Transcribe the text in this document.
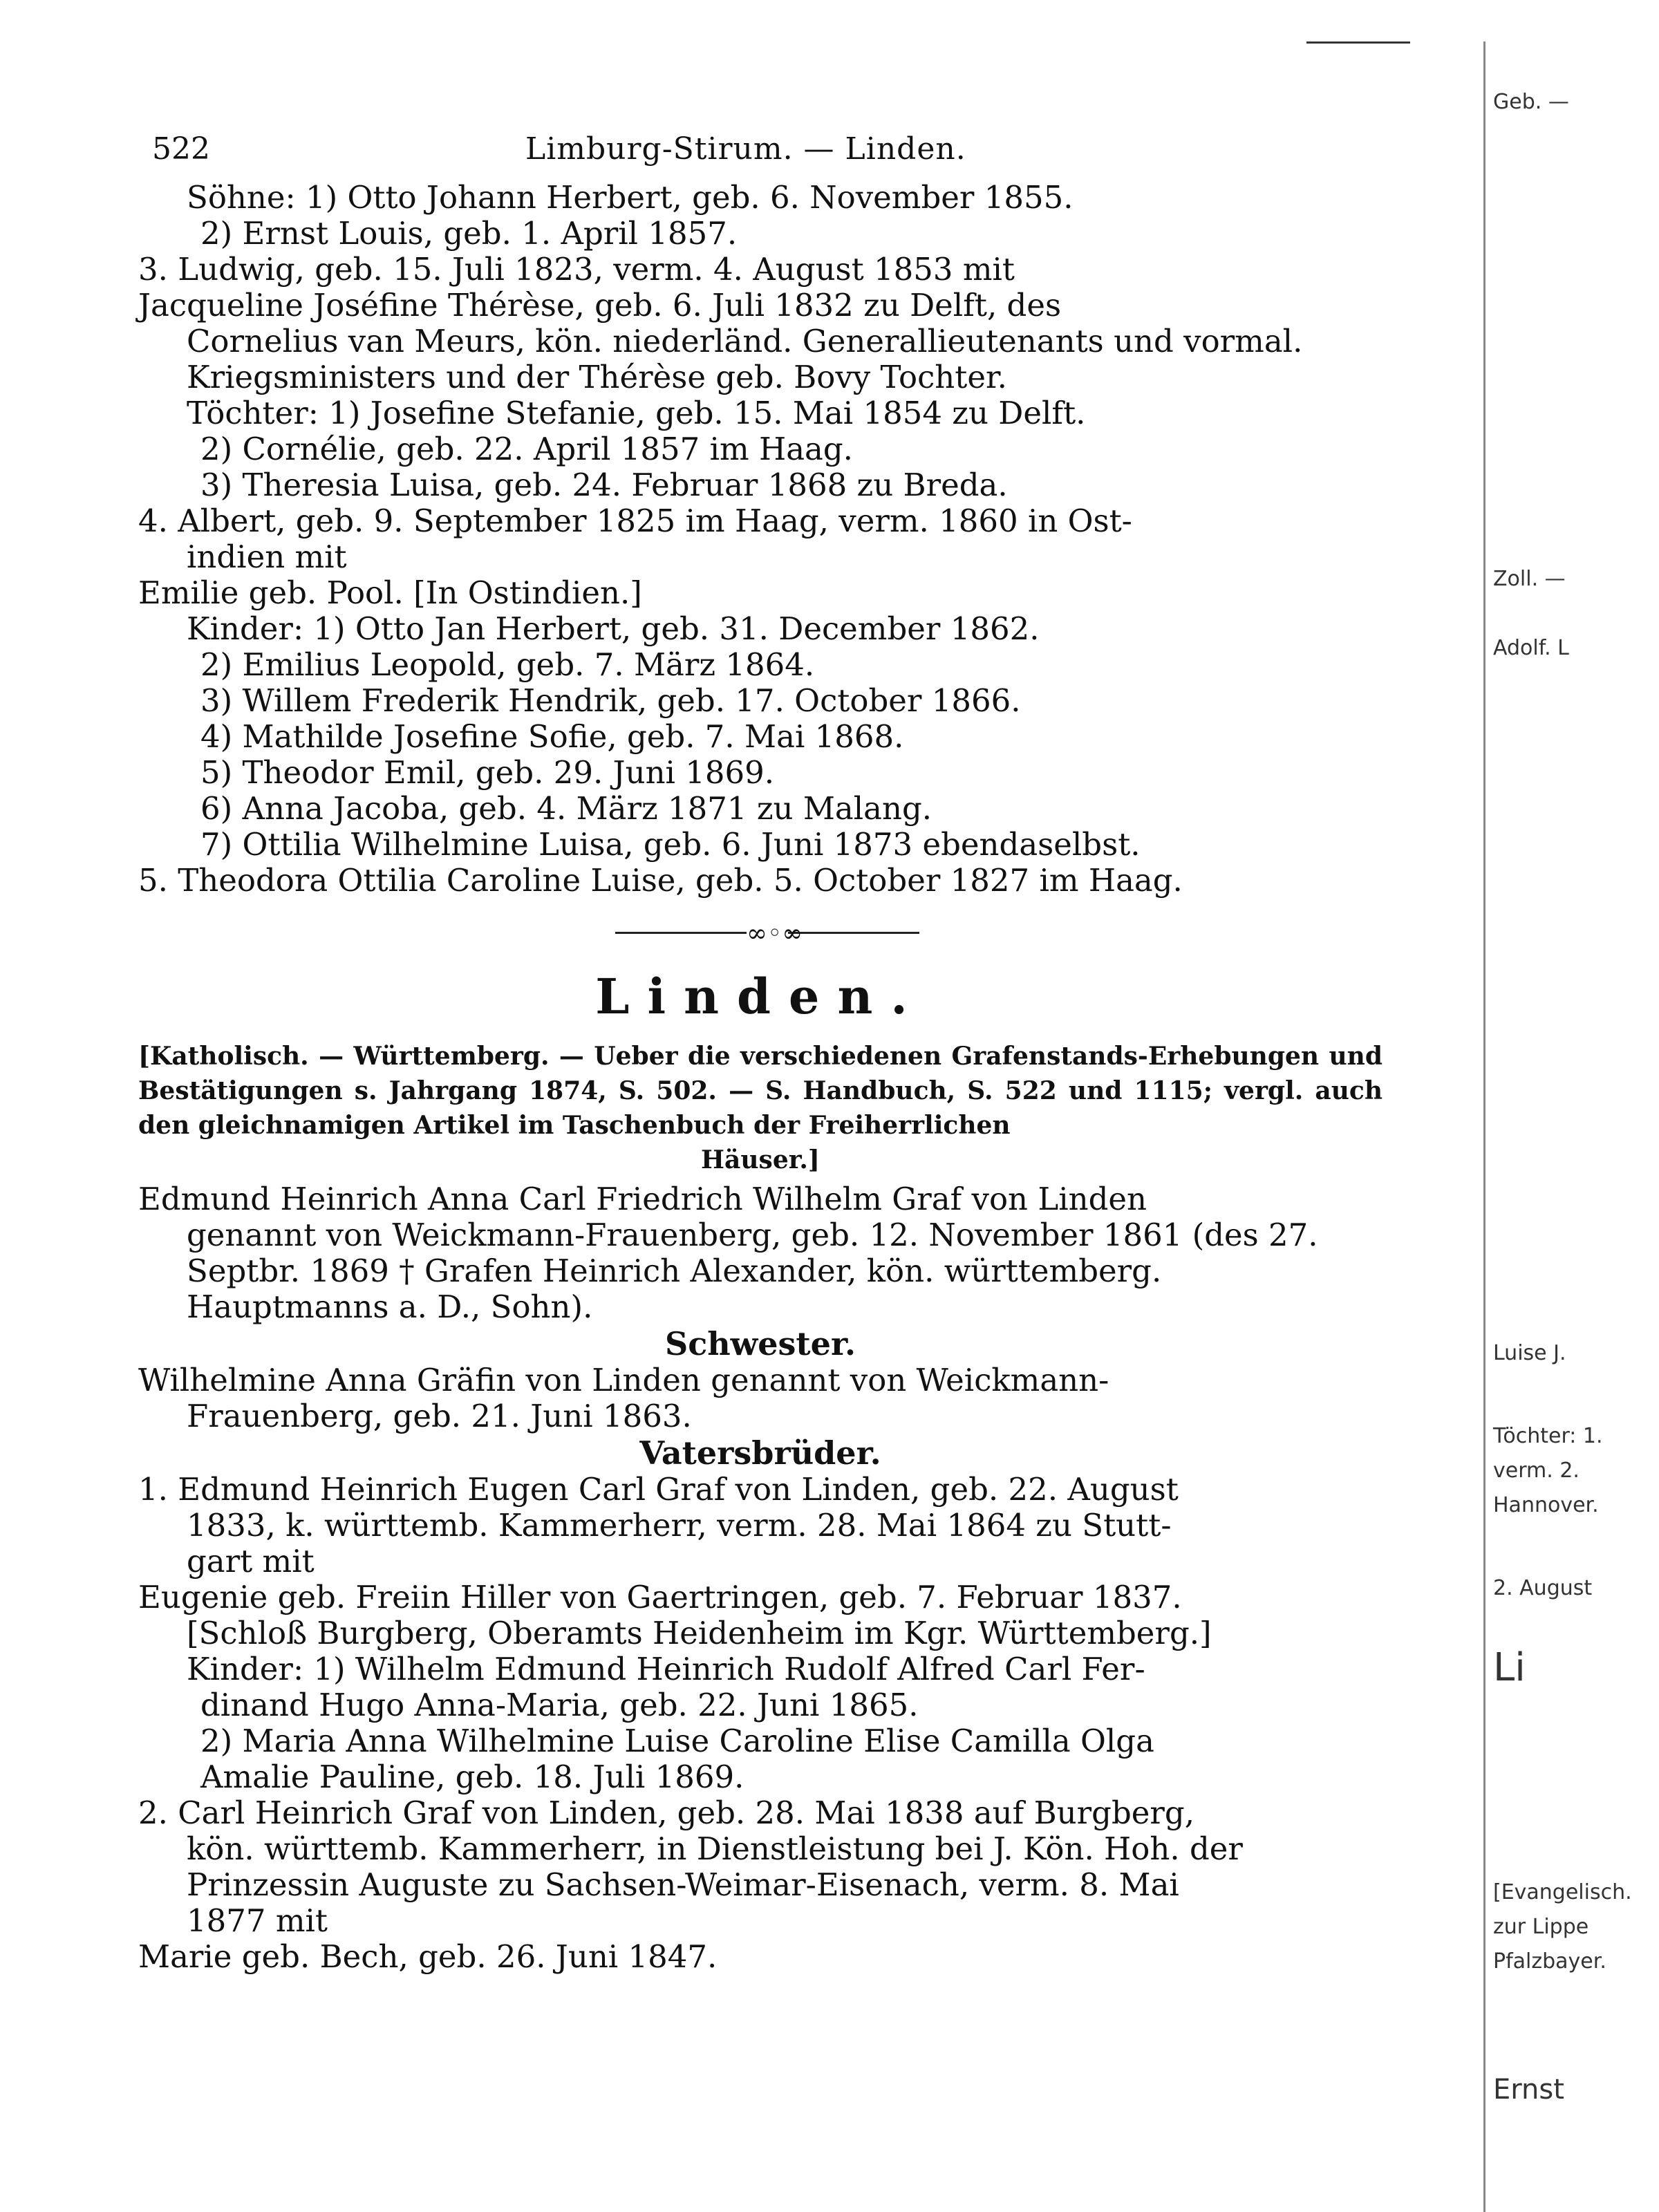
522	Limburg-Stirum. — Linden.
Söhne: 1) Otto Johann Herbert, geb. 6. November 1855.
2) Ernst Louis, geb. 1. April 1857.
3. Ludwig, geb. 15. Juli 1823, verm. 4. August 1853 mit
Jacqueline Joséfine Thérèse, geb. 6. Juli 1832 zu Delft, des
Cornelius van Meurs, kön. niederländ. Generallieutenants und vormal.
Kriegsministers und der Thérèse geb. Bovy Tochter.
Töchter: 1) Josefine Stefanie, geb. 15. Mai 1854 zu Delft.
2) Cornélie, geb. 22. April 1857 im Haag.
3) Theresia Luisa, geb. 24. Februar 1868 zu Breda.
4. Albert, geb. 9. September 1825 im Haag, verm. 1860 in Ost-
indien mit
Emilie geb. Pool. [In Ostindien.]
Kinder: 1) Otto Jan Herbert, geb. 31. December 1862.
2) Emilius Leopold, geb. 7. März 1864.
3) Willem Frederik Hendrik, geb. 17. October 1866.
4) Mathilde Josefine Sofie, geb. 7. Mai 1868.
5) Theodor Emil, geb. 29. Juni 1869.
6) Anna Jacoba, geb. 4. März 1871 zu Malang.
7) Ottilia Wilhelmine Luisa, geb. 6. Juni 1873 ebendaselbst.
5. Theodora Ottilia Caroline Luise, geb. 5. October 1827 im Haag.
∞◦∞
Linden.
[Katholisch. — Württemberg. — Ueber die verschiedenen Grafenstands-Erhebungen und Bestätigungen s. Jahrgang 1874, S. 502. — S. Handbuch, S. 522 und 1115; vergl. auch den gleichnamigen Artikel im Taschenbuch der Freiherrlichen
Häuser.]
Edmund Heinrich Anna Carl Friedrich Wilhelm Graf von Linden
genannt von Weickmann-Frauenberg, geb. 12. November 1861 (des 27.
Septbr. 1869 † Grafen Heinrich Alexander, kön. württemberg.
Hauptmanns a. D., Sohn).
Schwester.
Wilhelmine Anna Gräfin von Linden genannt von Weickmann-
Frauenberg, geb. 21. Juni 1863.
Vatersbrüder.
1. Edmund Heinrich Eugen Carl Graf von Linden, geb. 22. August
1833, k. württemb. Kammerherr, verm. 28. Mai 1864 zu Stutt-
gart mit
Eugenie geb. Freiin Hiller von Gaertringen, geb. 7. Februar 1837.
[Schloß Burgberg, Oberamts Heidenheim im Kgr. Württemberg.]
Kinder: 1) Wilhelm Edmund Heinrich Rudolf Alfred Carl Fer-
dinand Hugo Anna-Maria, geb. 22. Juni 1865.
2) Maria Anna Wilhelmine Luise Caroline Elise Camilla Olga
Amalie Pauline, geb. 18. Juli 1869.
2. Carl Heinrich Graf von Linden, geb. 28. Mai 1838 auf Burgberg,
kön. württemb. Kammerherr, in Dienstleistung bei J. Kön. Hoh. der
Prinzessin Auguste zu Sachsen-Weimar-Eisenach, verm. 8. Mai
1877 mit
Marie geb. Bech, geb. 26. Juni 1847.
Geb. —
Zoll. —
Adolf. L
Luise J.
Töchter: 1.
verm. 2.
Hannover.
2. August
Li
[Evangelisch.
zur Lippe
Pfalzbayer.
Ernst
